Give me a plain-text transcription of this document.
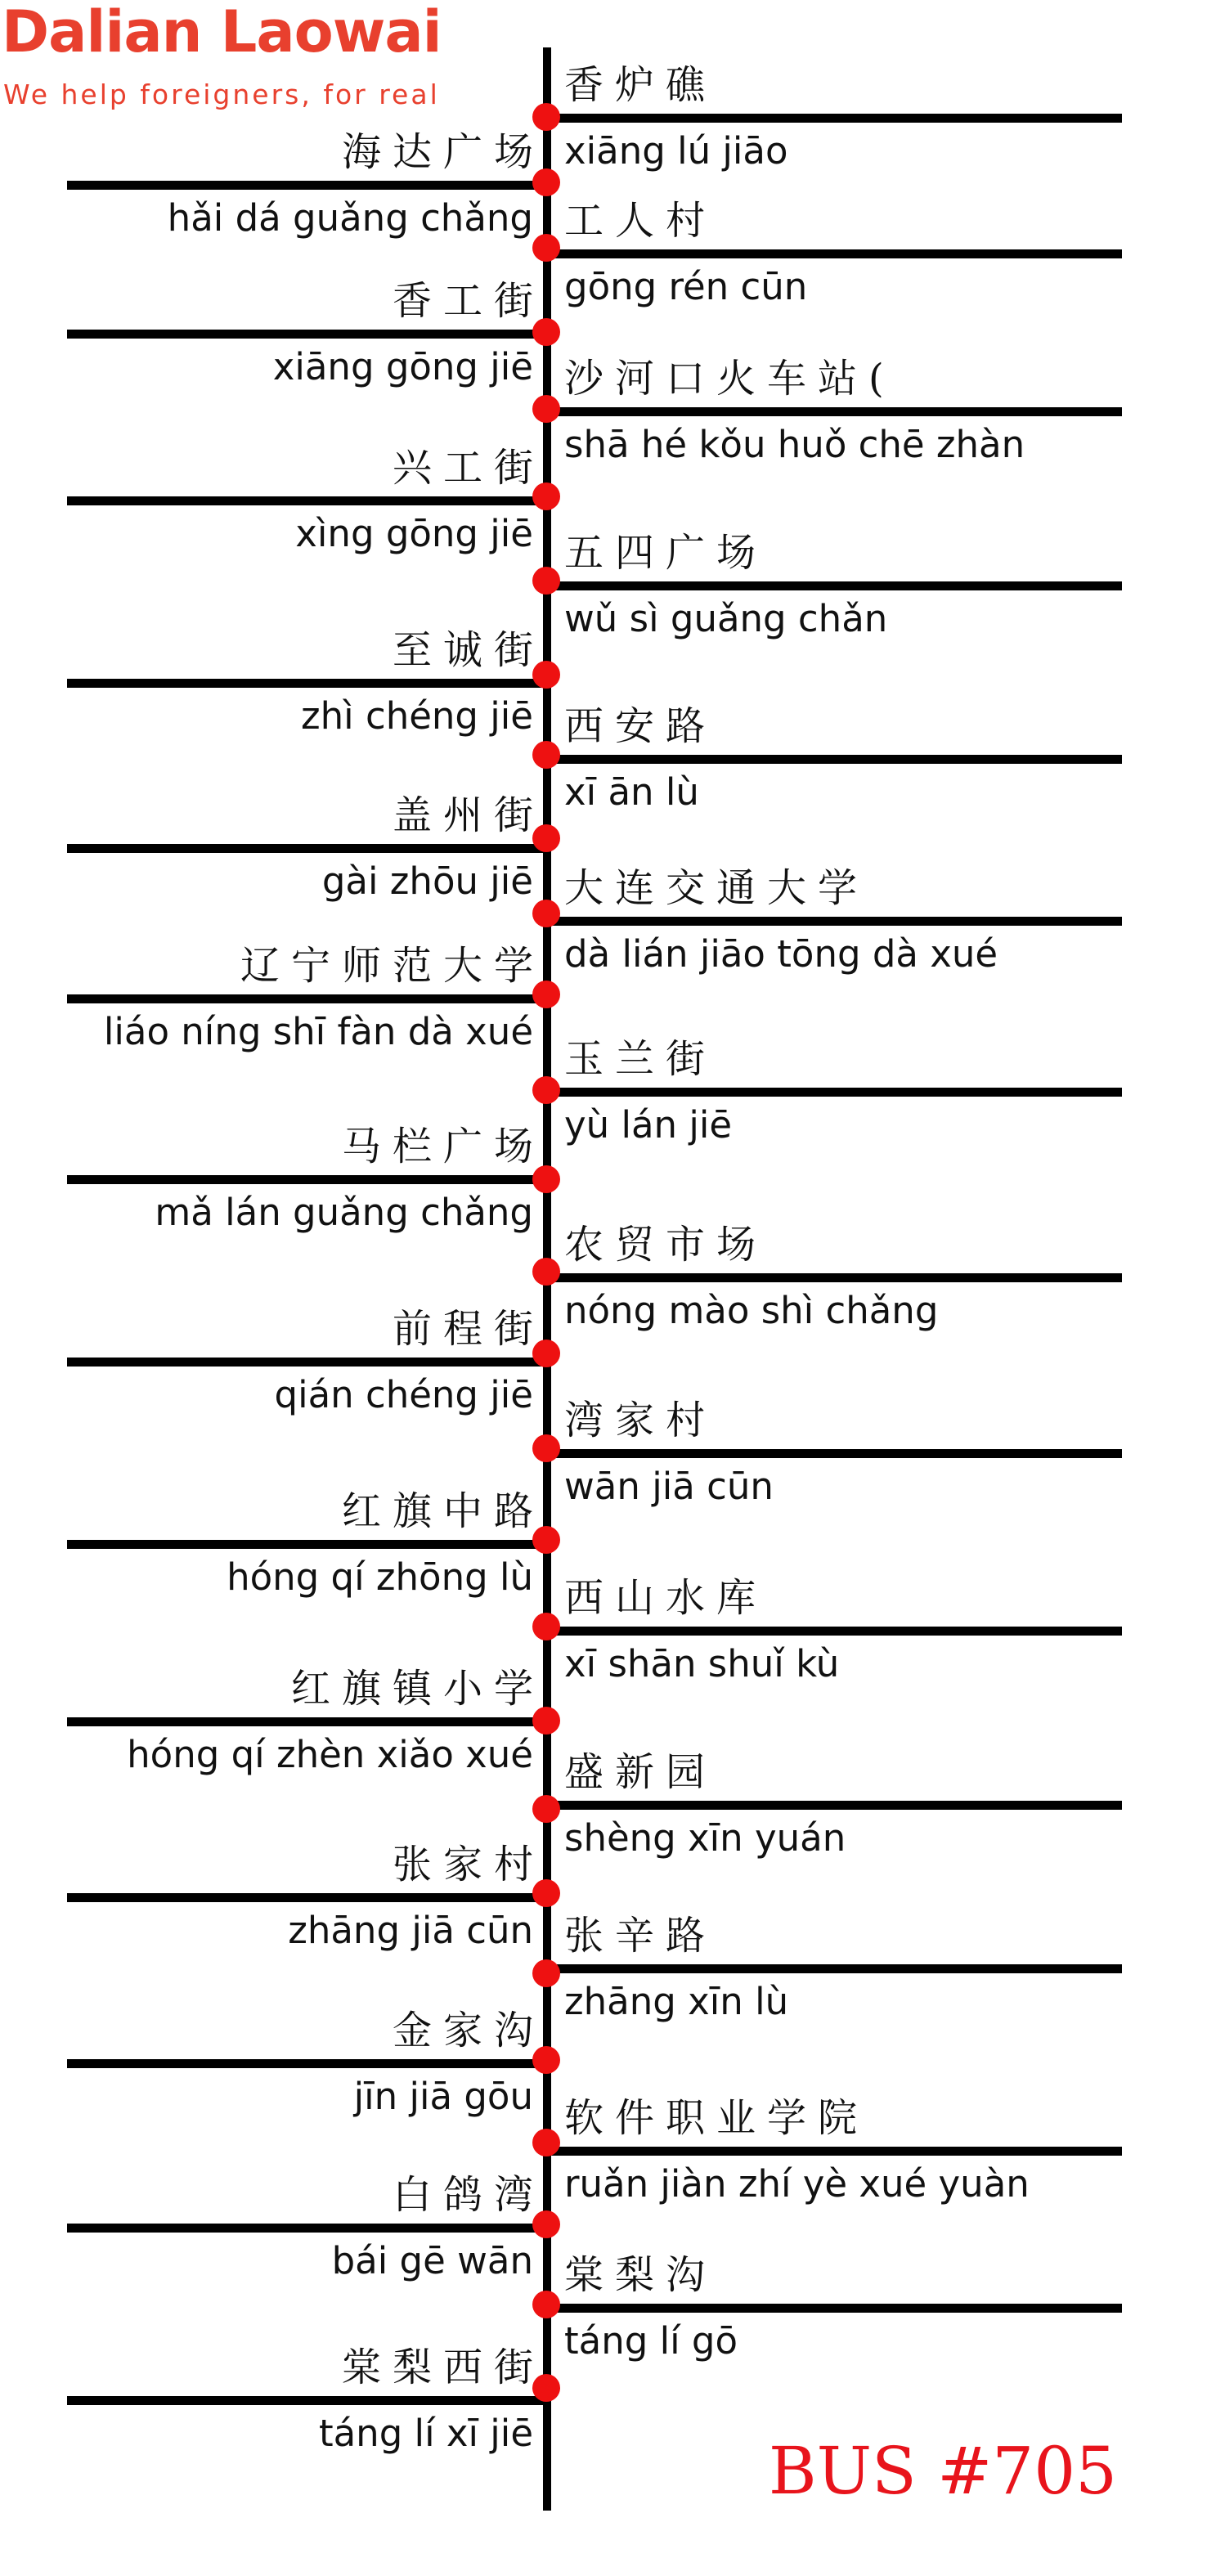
Dalian Laowai
We help foreigners, for real	香炉礁
xiāng lú jiāo
海达广场
hǎi dá guǎng chǎng 工人村
gōng rén cūn
香工街
xiāng gōng jiē 沙河口火车站(
shā hé kǒu huǒ chē zhàn
兴工街
xìng gōng jiē 五四广场
wǔ sì guǎng chǎn
至诚街
zhì chéng jiē 西安路
xī ān lù
盖州街
gài zhōu jiē 大连交通大学
dà lián jiāo tōng dà xué
辽宁师范大学
liáo níng shī fàn dà xué
玉兰街
yù lán jiē
马栏广场
mǎ lán guǎng chǎng
农贸市场
nóng mào shì chǎng
前程街
qián chéng jiē
湾家村
wān jiā cūn
红旗中路
hóng qí zhōng lù 西山水库
xī shān shuǐ kù
红旗镇小学
hóng qí zhèn xiǎo xué 盛新园
shèng xīn yuán
张家村
zhāng jiā cūn 张辛路
zhāng xīn lù
金家沟
jīn jiā gōu 软件职业学院
ruǎn jiàn zhí yè xué yuàn
白鸽湾
bái gē wān 棠梨沟
táng lí gō
棠梨西街
táng lí xī jiē	BUS #705
